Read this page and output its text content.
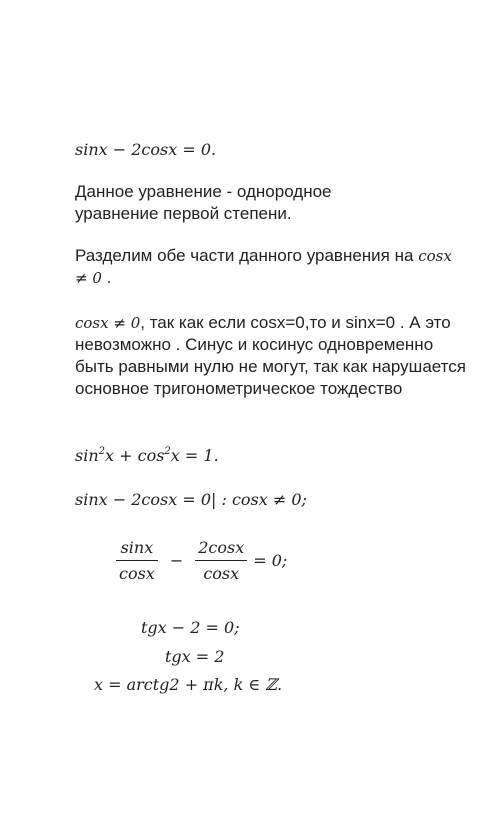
sinx − 2cosx = 0.
Данное уравнение - однородное уравнение первой степени.
Разделим обе части данного уравнения на cosx ≠ 0 .
cosx ≠ 0, так как если cosx=0,то и sinx=0 . А это невозможно . Синус и косинус одновременно быть равными нулю не могут, так как нарушается основное тригонометрическое тождество
$\sin^2x + \cos^2x = 1$.
sinx − 2cosx = 0| : cosx ≠ 0;
$\frac{\sin x}{\cos x} - \frac{2\cos x}{\cos x} = 0$;
tgx − 2 = 0;
tgx = 2
x = arctg2 + πk, k ∈ ℤ.
